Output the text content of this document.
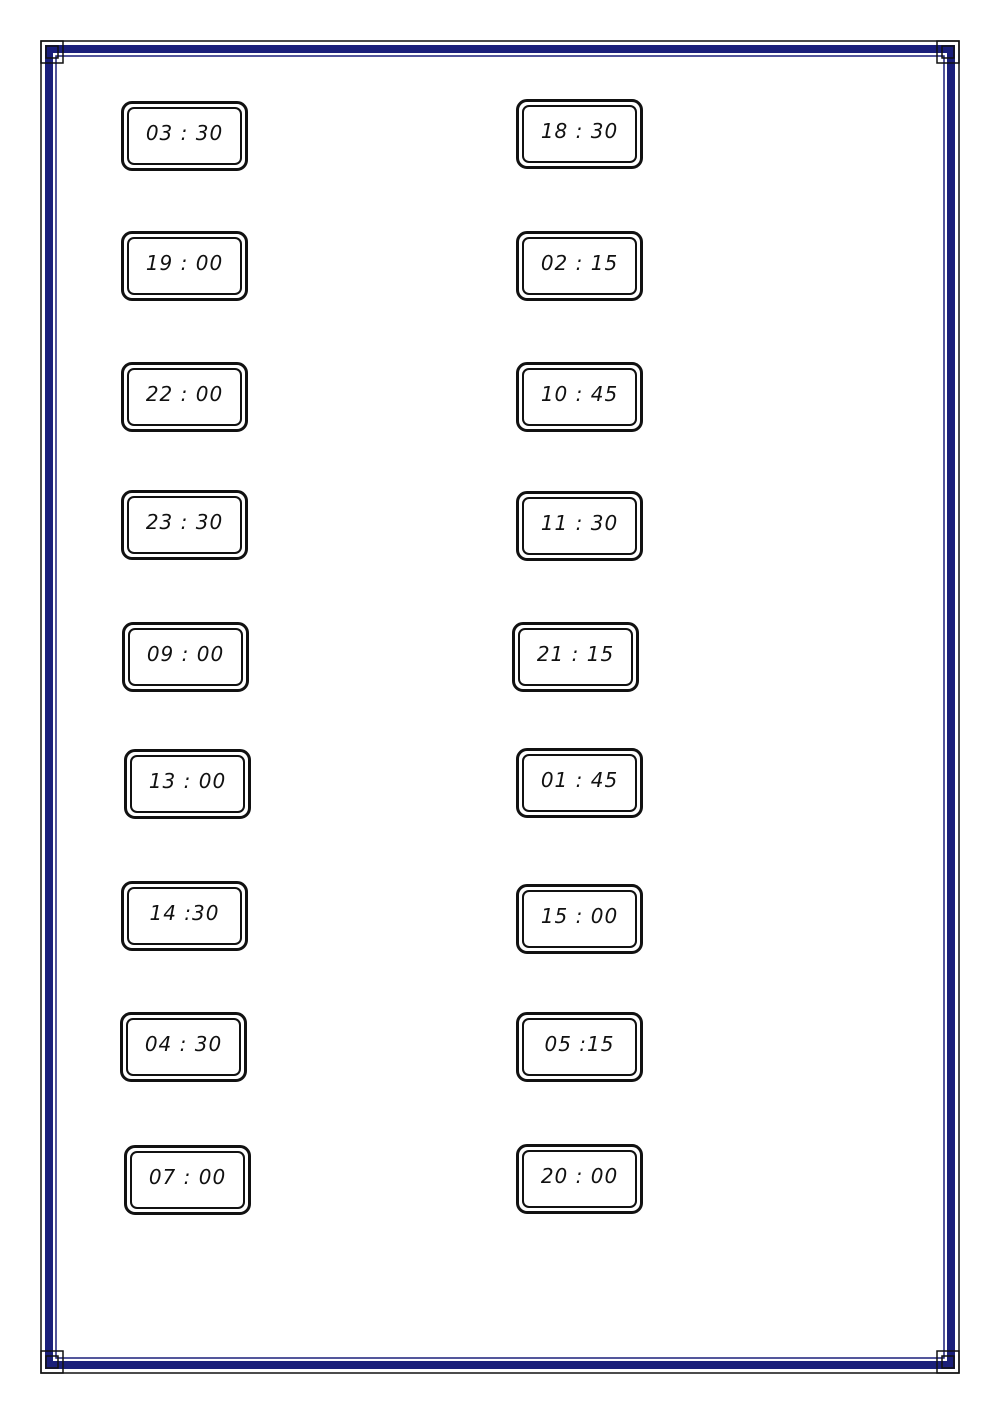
03 : 30
19 : 00
22 : 00
23 : 30
09 : 00
13 : 00
14 :30
04 : 30
07 : 00
18 : 30
02 : 15
10 : 45
11 : 30
21 : 15
01 : 45
15 : 00
05 :15
20 : 00
